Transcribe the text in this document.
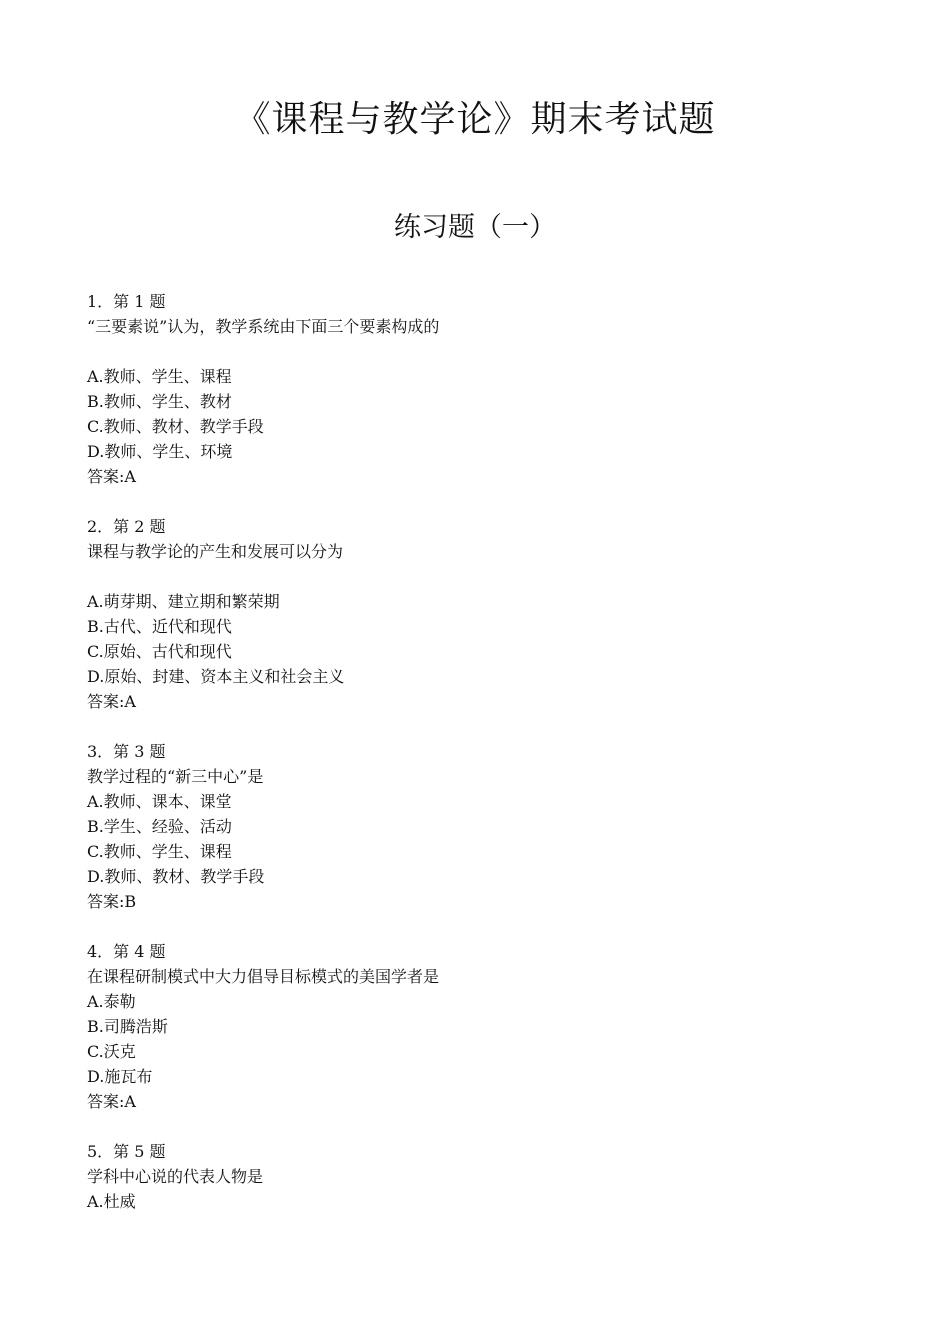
《课程与教学论》期末考试题
练习题（一）
1．第 1 题
“三要素说”认为，教学系统由下面三个要素构成的
A.教师、学生、课程
B.教师、学生、教材
C.教师、教材、教学手段
D.教师、学生、环境
答案:A
2．第 2 题
课程与教学论的产生和发展可以分为
A.萌芽期、建立期和繁荣期
B.古代、近代和现代
C.原始、古代和现代
D.原始、封建、资本主义和社会主义
答案:A
3．第 3 题
教学过程的“新三中心”是
A.教师、课本、课堂
B.学生、经验、活动
C.教师、学生、课程
D.教师、教材、教学手段
答案:B
4．第 4 题
在课程研制模式中大力倡导目标模式的美国学者是
A.泰勒
B.司腾浩斯
C.沃克
D.施瓦布
答案:A
5．第 5 题
学科中心说的代表人物是
A.杜威
